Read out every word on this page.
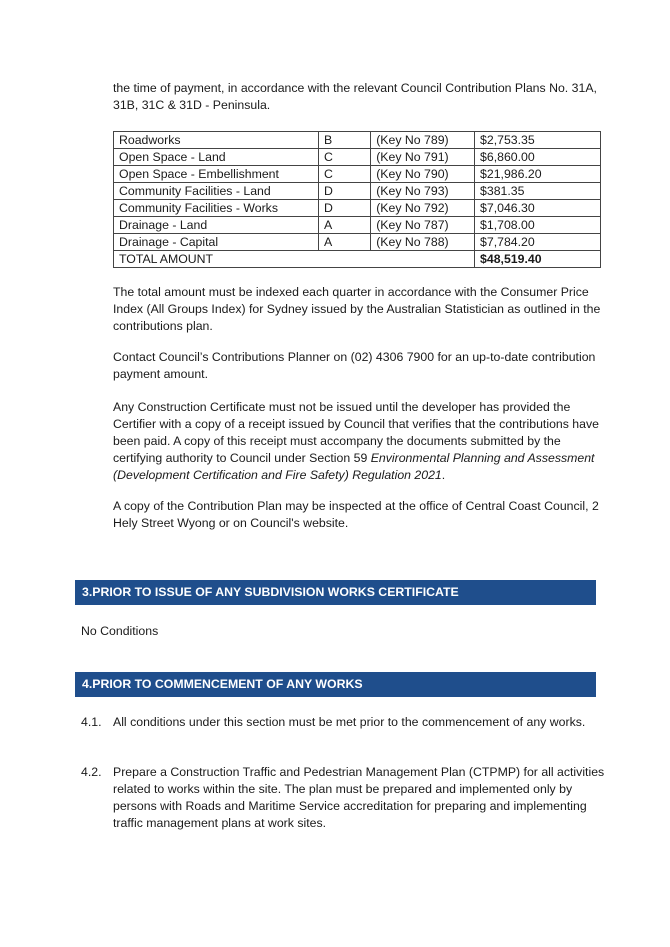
the time of payment, in accordance with the relevant Council Contribution Plans No. 31A, 31B, 31C & 31D - Peninsula.
Roadworks	B	(Key No 789)	$2,753.35
Open Space - Land	C	(Key No 791)	$6,860.00
Open Space - Embellishment	C	(Key No 790)	$21,986.20
Community Facilities - Land	D	(Key No 793)	$381.35
Community Facilities - Works	D	(Key No 792)	$7,046.30
Drainage - Land	A	(Key No 787)	$1,708.00
Drainage - Capital	A	(Key No 788)	$7,784.20
TOTAL AMOUNT			$48,519.40
The total amount must be indexed each quarter in accordance with the Consumer Price Index (All Groups Index) for Sydney issued by the Australian Statistician as outlined in the contributions plan.
Contact Council’s Contributions Planner on (02) 4306 7900 for an up-to-date contribution payment amount.
Any Construction Certificate must not be issued until the developer has provided the Certifier with a copy of a receipt issued by Council that verifies that the contributions have been paid. A copy of this receipt must accompany the documents submitted by the certifying authority to Council under Section 59 Environmental Planning and Assessment (Development Certification and Fire Safety) Regulation 2021.
A copy of the Contribution Plan may be inspected at the office of Central Coast Council, 2 Hely Street Wyong or on Council's website.
3.PRIOR TO ISSUE OF ANY SUBDIVISION WORKS CERTIFICATE
No Conditions
4.PRIOR TO COMMENCEMENT OF ANY WORKS
4.1. All conditions under this section must be met prior to the commencement of any works.
4.2. Prepare a Construction Traffic and Pedestrian Management Plan (CTPMP) for all activities related to works within the site. The plan must be prepared and implemented only by persons with Roads and Maritime Service accreditation for preparing and implementing traffic management plans at work sites.
